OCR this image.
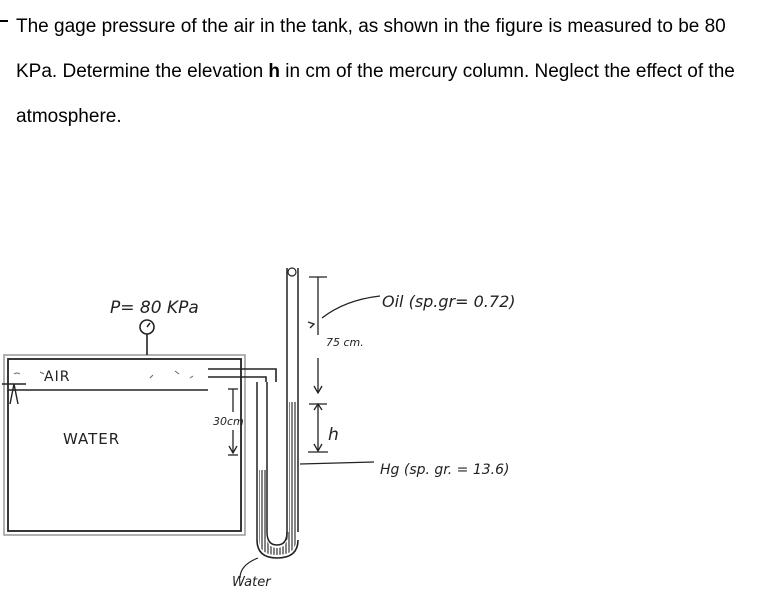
The gage pressure of the air in the tank, as shown in the figure is measured to be 80 KPa. Determine the elevation h in cm of the mercury column. Neglect the effect of the atmosphere.

P= 80 KPa
AIR
WATER
30cm
75 cm.
h
Oil (sp.gr= 0.72)
Hg (sp. gr. = 13.6)
Water
